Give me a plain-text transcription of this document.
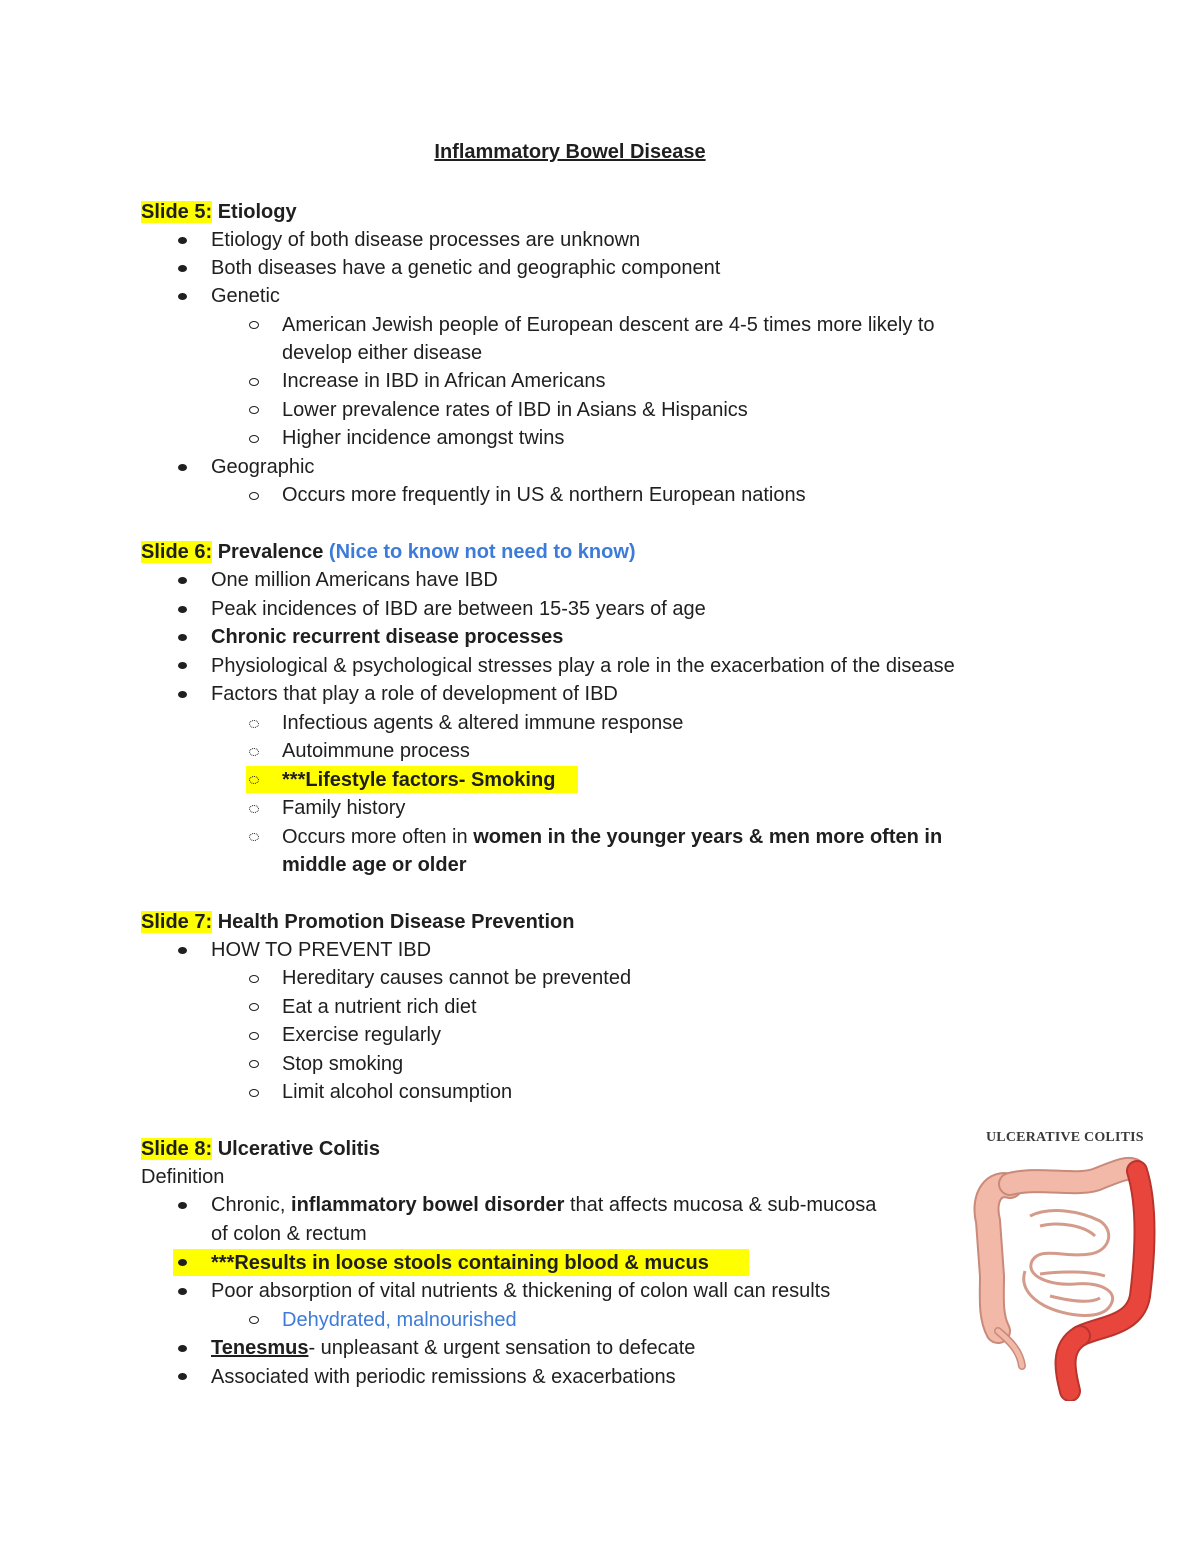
Inflammatory Bowel Disease
Slide 5: Etiology
Etiology of both disease processes are unknown
Both diseases have a genetic and geographic component
Genetic
American Jewish people of European descent are 4-5 times more likely to
develop either disease
Increase in IBD in African Americans
Lower prevalence rates of IBD in Asians & Hispanics
Higher incidence amongst twins
Geographic
Occurs more frequently in US & northern European nations
Slide 6: Prevalence (Nice to know not need to know)
One million Americans have IBD
Peak incidences of IBD are between 15-35 years of age
Chronic recurrent disease processes
Physiological & psychological stresses play a role in the exacerbation of the disease
Factors that play a role of development of IBD
Infectious agents & altered immune response
Autoimmune process
***Lifestyle factors- Smoking
Family history
Occurs more often in women in the younger years & men more often in
middle age or older
Slide 7: Health Promotion Disease Prevention
HOW TO PREVENT IBD
Hereditary causes cannot be prevented
Eat a nutrient rich diet
Exercise regularly
Stop smoking
Limit alcohol consumption
Slide 8: Ulcerative Colitis
Definition
Chronic, inflammatory bowel disorder that affects mucosa & sub-mucosa
of colon & rectum
***Results in loose stools containing blood & mucus
Poor absorption of vital nutrients & thickening of colon wall can results
Dehydrated, malnourished
Tenesmus- unpleasant & urgent sensation to defecate
Associated with periodic remissions & exacerbations
ULCERATIVE COLITIS
